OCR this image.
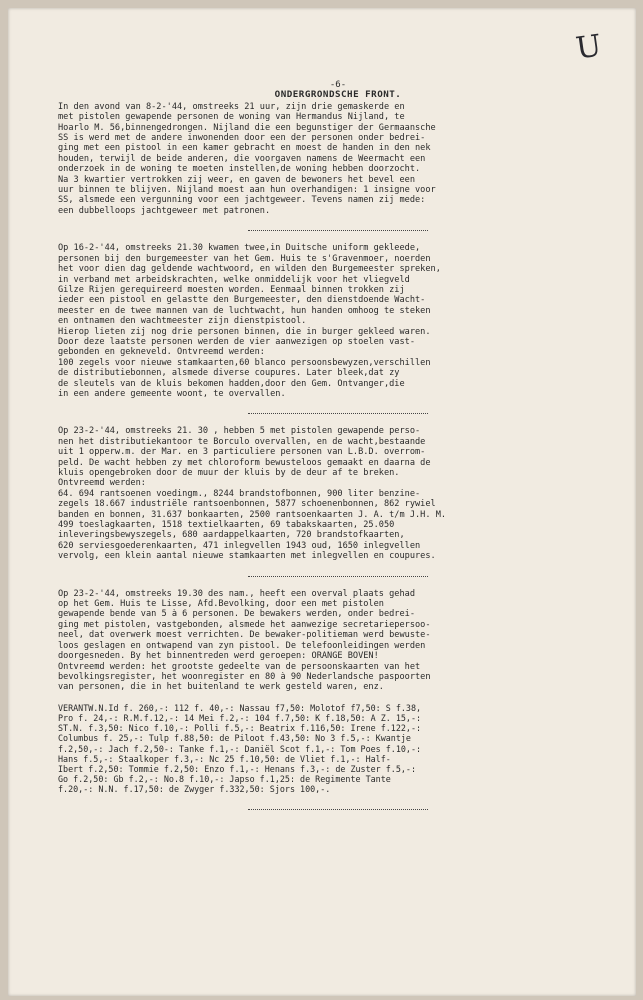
U
-6-
ONDERGRONDSCHE FRONT.
In den avond van 8-2-'44, omstreeks 21 uur, zijn drie gemaskerde en
met pistolen gewapende personen de woning van Hermandus Nijland, te
Hoarlo M. 56,binnengedrongen. Nijland die een begunstiger der Germaansche
SS is werd met de andere inwonenden door een der personen onder bedrei-
ging met een pistool in een kamer gebracht en moest de handen in den nek
houden, terwijl de beide anderen, die voorgaven namens de Weermacht een
onderzoek in de woning te moeten instellen,de woning hebben doorzocht.
Na 3 kwartier vertrokken zij weer, en gaven de bewoners het bevel een
uur binnen te blijven. Nijland moest aan hun overhandigen: 1 insigne voor
SS, alsmede een vergunning voor een jachtgeweer. Tevens namen zij mede:
een dubbelloops jachtgeweer met patronen.
Op 16-2-'44, omstreeks 21.30 kwamen twee,in Duitsche uniform gekleede,
personen bij den burgemeester van het Gem. Huis te s'Gravenmoer, noerden
het voor dien dag geldende wachtwoord, en wilden den Burgemeester spreken,
in verband met arbeidskrachten, welke onmiddelijk voor het vliegveld
Gilze Rijen gerequireerd moesten worden. Eenmaal binnen trokken zij
ieder een pistool en gelastte den Burgemeester, den dienstdoende Wacht-
meester en de twee mannen van de luchtwacht, hun handen omhoog te steken
en ontnamen den wachtmeester zijn dienstpistool.
Hierop lieten zij nog drie personen binnen, die in burger gekleed waren.
Door deze laatste personen werden de vier aanwezigen op stoelen vast-
gebonden en gekneveld. Ontvreemd werden:
100 zegels voor nieuwe stamkaarten,60 blanco persoonsbewyzen,verschillen
de distributiebonnen, alsmede diverse coupures. Later bleek,dat zy
de sleutels van de kluis bekomen hadden,door den Gem. Ontvanger,die
in een andere gemeente woont, te overvallen.
Op 23-2-'44, omstreeks 21. 30 , hebben 5 met pistolen gewapende perso-
nen het distributiekantoor te Borculo overvallen, en de wacht,bestaande
uit 1 opperw.m. der Mar. en 3 particuliere personen van L.B.D. overrom-
peld. De wacht hebben zy met chloroform bewusteloos gemaakt en daarna de
kluis opengebroken door de muur der kluis by de deur af te breken.
Ontvreemd werden:
64. 694 rantsoenen voedingm., 8244 brandstofbonnen, 900 liter benzine-
zegels 18.667 industriële rantsoenbonnen, 5877 schoenenbonnen, 862 rywiel
banden en bonnen, 31.637 bonkaarten, 2500 rantsoenkaarten J. A. t/m J.H. M.
499 toeslagkaarten, 1518 textielkaarten, 69 tabakskaarten, 25.050
inleveringsbewyszegels, 680 aardappelkaarten, 720 brandstofkaarten,
620 serviesgoederenkaarten, 471 inlegvellen 1943 oud, 1650 inlegvellen
vervolg, een klein aantal nieuwe stamkaarten met inlegvellen en coupures.
Op 23-2-'44, omstreeks 19.30 des nam., heeft een overval plaats gehad
op het Gem. Huis te Lisse, Afd.Bevolking, door een met pistolen
gewapende bende van 5 à 6 personen. De bewakers werden, onder bedrei-
ging met pistolen, vastgebonden, alsmede het aanwezige secretariepersoo-
neel, dat overwerk moest verrichten. De bewaker-politieman werd bewuste-
loos geslagen en ontwapend van zyn pistool. De telefoonleidingen werden
doorgesneden. By het binnentreden werd geroepen: ORANGE BOVEN!
Ontvreemd werden: het grootste gedeelte van de persoonskaarten van het
bevolkingsregister, het woonregister en 80 à 90 Nederlandsche paspoorten
van personen, die in het buitenland te werk gesteld waren, enz.
VERANTW.N.Id f. 260,-: 112 f. 40,-: Nassau f7,50: Molotof f7,50: S f.38,
Pro f. 24,-: R.M.f.12,-: 14 Mei f.2,-: 104 f.7,50: K f.18,50: A Z. 15,-:
ST.N. f.3,50: Nico f.10,-: Polli f.5,-: Beatrix f.116,50: Irene f.122,-:
Columbus f. 25,-: Tulp f.88,50: de Piloot f.43,50: No 3 f.5,-: Kwantje
f.2,50,-: Jach f.2,50-: Tanke f.1,-: Daniël Scot f.1,-: Tom Poes f.10,-:
Hans f.5,-: Staalkoper f.3,-: Nc 25 f.10,50: de Vliet f.1,-: Half-
Ibert f.2,50: Tommie f.2,50: Enzo f.1,-: Henans f.3,-: de Zuster f.5,-:
Go f.2,50: Gb f.2,-: No.8 f.10,-: Japso f.1,25: de Regimente Tante
f.20,-: N.N. f.17,50: de Zwyger f.332,50: Sjors 100,-.
